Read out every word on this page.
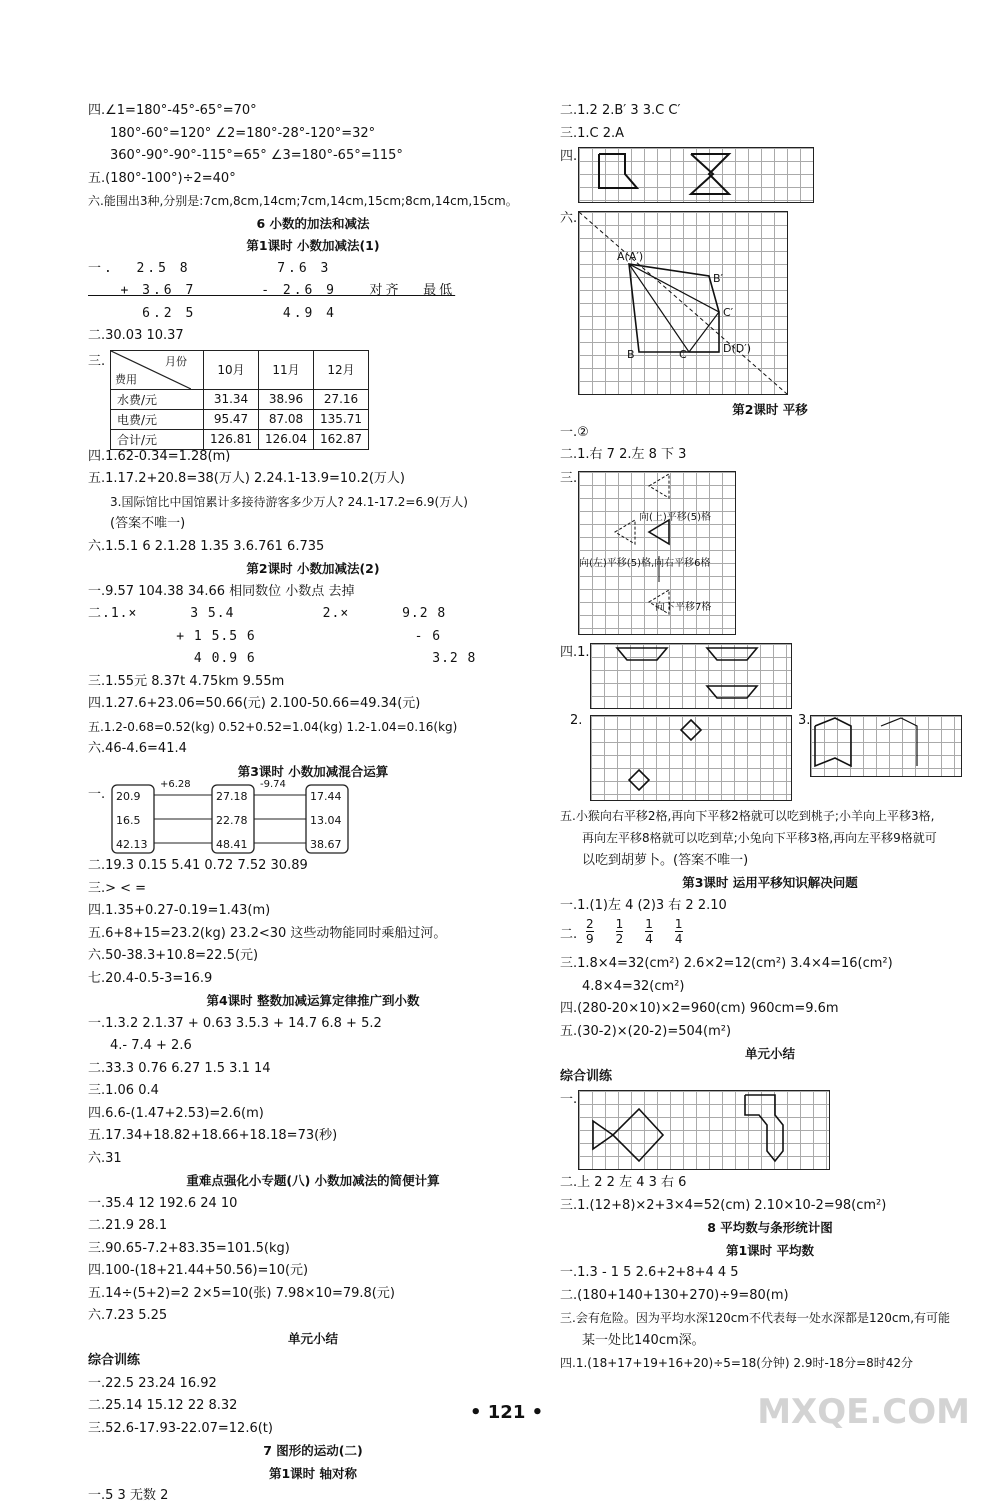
四.∠1=180°-45°-65°=70°
180°-60°=120° ∠2=180°-28°-120°=32°
360°-90°-90°-115°=65° ∠3=180°-65°=115°
五.(180°-100°)÷2=40°
六.能围出3种,分别是:7cm,8cm,14cm;7cm,14cm,15cm;8cm,14cm,15cm。
6 小数的加法和减法
第1课时 小数加减法(1)
一.  2.5 8        7.6 3
+ 3.6 7      - 2.6 9   对齐  最低
6.2 5        4.9 4
二.30.03 10.37
三.	月份
费用	10月	11月	12月
水费/元	31.34	38.96	27.16
电费/元	95.47	87.08	135.71
合计/元	126.81	126.04	162.87
四.1.62-0.34=1.28(m)
五.1.17.2+20.8=38(万人) 2.24.1-13.9=10.2(万人)
3.国际馆比中国馆累计多接待游客多少万人? 24.1-17.2=6.9(万人)
(答案不唯一)
六.1.5.1 6 2.1.28 1.35 3.6.761 6.735
第2课时 小数加减法(2)
一.9.57 104.38 34.66 相同数位 小数点 去掉
二.1.×      3 5.4          2.×      9.2 8
+ 1 5.5 6                  - 6
4 0.9 6                    3.2 8
三.1.55元 8.37t 4.75km 9.55m
四.1.27.6+23.06=50.66(元) 2.100-50.66=49.34(元)
五.1.2-0.68=0.52(kg) 0.52+0.52=1.04(kg) 1.2-1.04=0.16(kg)
六.46-4.6=41.4
第3课时 小数加减混合运算
一. 20.9
16.5
42.13
+6.28
27.18
22.78
48.41
-9.74
17.44
13.04
38.67
二.19.3 0.15 5.41 0.72 7.52 30.89
三.> < =
四.1.35+0.27-0.19=1.43(m)
五.6+8+15=23.2(kg) 23.2<30 这些动物能同时乘船过河。
六.50-38.3+10.8=22.5(元)
七.20.4-0.5-3=16.9
第4课时 整数加减运算定律推广到小数
一.1.3.2 2.1.37 + 0.63 3.5.3 + 14.7 6.8 + 5.2
4.- 7.4 + 2.6
二.33.3 0.76 6.27 1.5 3.1 14
三.1.06 0.4
四.6.6-(1.47+2.53)=2.6(m)
五.17.34+18.82+18.66+18.18=73(秒)
六.31
重难点强化小专题(八) 小数加减法的简便计算
一.35.4 12 192.6 24 10
二.21.9 28.1
三.90.65-7.2+83.35=101.5(kg)
四.100-(18+21.44+50.56)=10(元)
五.14÷(5+2)=2 2×5=10(张) 7.98×10=79.8(元)
六.7.23 5.25
单元小结
综合训练
一.22.5 23.24 16.92
二.25.14 15.12 22 8.32
三.52.6-17.93-22.07=12.6(t)
7 图形的运动(二)
第1课时 轴对称
一.5 3 无数 2
二.1.2 2.B′ 3 3.C C′
三.1.C 2.A
四.
六.
A(A′)
B′
C′
B	C	D(D′)
第2课时 平移
一.②
二.1.右 7 2.左 8 下 3
三.
向(上)平移(5)格
向(左)平移(5)格,向右平移6格
向下平移7格
四.1.
2.	3.
五.小猴向右平移2格,再向下平移2格就可以吃到桃子;小羊向上平移3格,
再向左平移8格就可以吃到草;小兔向下平移3格,再向左平移9格就可
以吃到胡萝卜。(答案不唯一)
第3课时 运用平移知识解决问题
一.1.(1)左 4 (2)3 右 2 2.10
二.
2
9
1
2
1
4
1
4
三.1.8×4=32(cm²) 2.6×2=12(cm²) 3.4×4=16(cm²)
4.8×4=32(cm²)
四.(280-20×10)×2=960(cm) 960cm=9.6m
五.(30-2)×(20-2)=504(m²)
单元小结
综合训练
一.
二.上 2 2 左 4 3 右 6
三.1.(12+8)×2+3×4=52(cm) 2.10×10-2=98(cm²)
8 平均数与条形统计图
第1课时 平均数
一.1.3 - 1 5 2.6+2+8+4 4 5
二.(180+140+130+270)÷9=80(m)
三.会有危险。因为平均水深120cm不代表每一处水深都是120cm,有可能
某一处比140cm深。
四.1.(18+17+19+16+20)÷5=18(分钟) 2.9时-18分=8时42分
• 121 •	MXQE.COM
